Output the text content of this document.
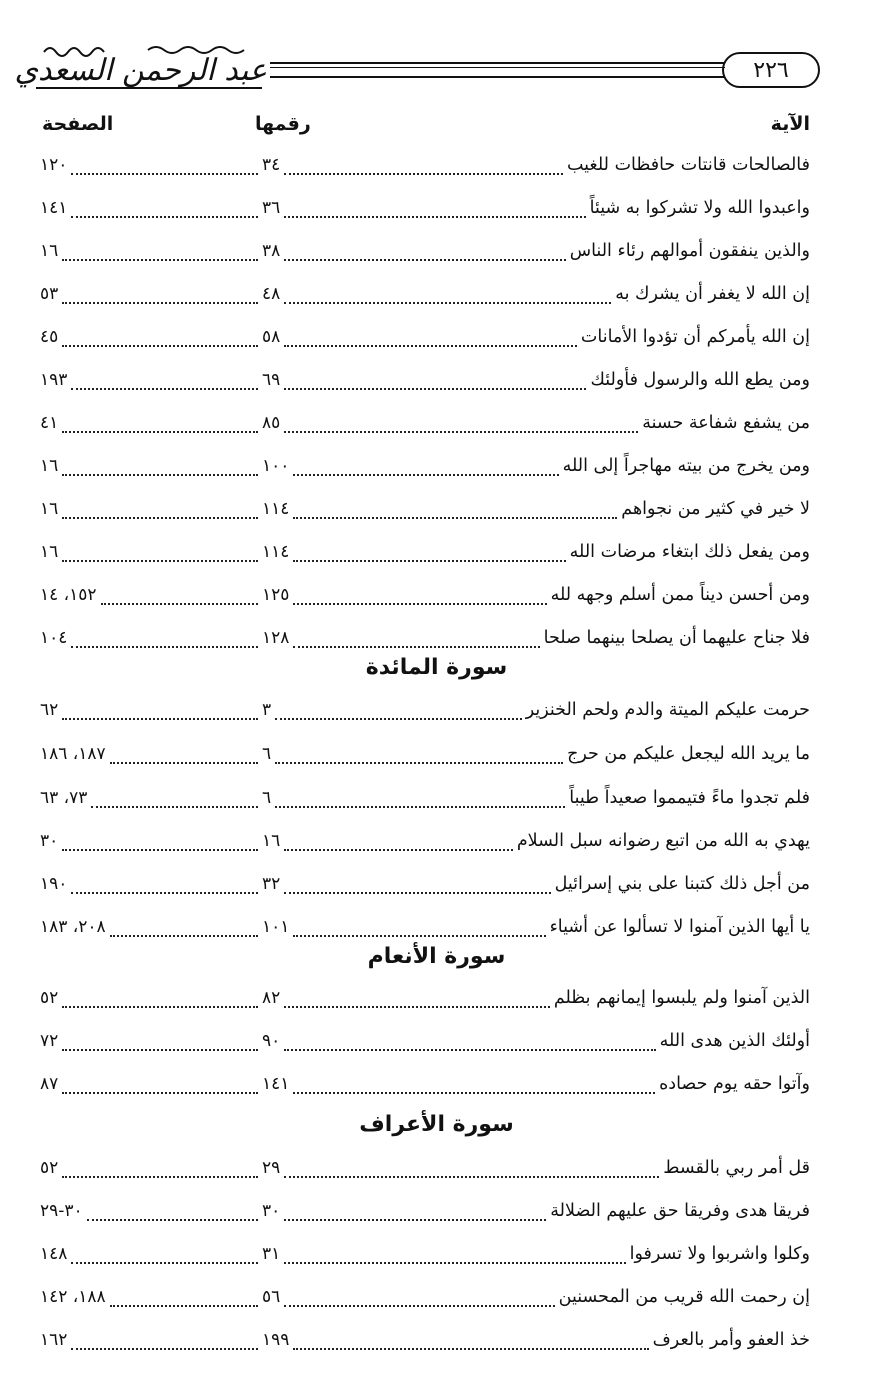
عبد الرحمن السعدي	٢٢٦
الآية
رقمها
الصفحة
فالصالحات قانتات حافظات للغيب
٣٤
١٢٠
واعبدوا الله ولا تشركوا به شيئاً
٣٦
١٤١
والذين ينفقون أموالهم رئاء الناس
٣٨
١٦
إن الله لا يغفر أن يشرك به
٤٨
٥٣
إن الله يأمركم أن تؤدوا الأمانات
٥٨
٤٥
ومن يطع الله والرسول فأولئك
٦٩
١٩٣
من يشفع شفاعة حسنة
٨٥
٤١
ومن يخرج من بيته مهاجراً إلى الله
١٠٠
١٦
لا خير في كثير من نجواهم
١١٤
١٦
ومن يفعل ذلك ابتغاء مرضات الله
١١٤
١٦
ومن أحسن ديناً ممن أسلم وجهه لله
١٢٥
١٥٢، ١٤
فلا جناح عليهما أن يصلحا بينهما صلحا
١٢٨
١٠٤
سورة المائدة
حرمت عليكم الميتة والدم ولحم الخنزير
٣
٦٢
ما يريد الله ليجعل عليكم من حرج
٦
١٨٧، ١٨٦
فلم تجدوا ماءً فتيمموا صعيداً طيباً
٦
٧٣، ٦٣
يهدي به الله من اتبع رضوانه سبل السلام
١٦
٣٠
من أجل ذلك كتبنا على بني إسرائيل
٣٢
١٩٠
يا أيها الذين آمنوا لا تسألوا عن أشياء
١٠١
٢٠٨، ١٨٣
سورة الأنعام
الذين آمنوا ولم يلبسوا إيمانهم بظلم
٨٢
٥٢
أولئك الذين هدى الله
٩٠
٧٢
وآتوا حقه يوم حصاده
١٤١
٨٧
سورة الأعراف
قل أمر ربي بالقسط
٢٩
٥٢
فريقا هدى وفريقا حق عليهم الضلالة
٣٠
٣٠-٢٩
وكلوا واشربوا ولا تسرفوا
٣١
١٤٨
إن رحمت الله قريب من المحسنين
٥٦
١٨٨، ١٤٢
خذ العفو وأمر بالعرف
١٩٩
١٦٢
